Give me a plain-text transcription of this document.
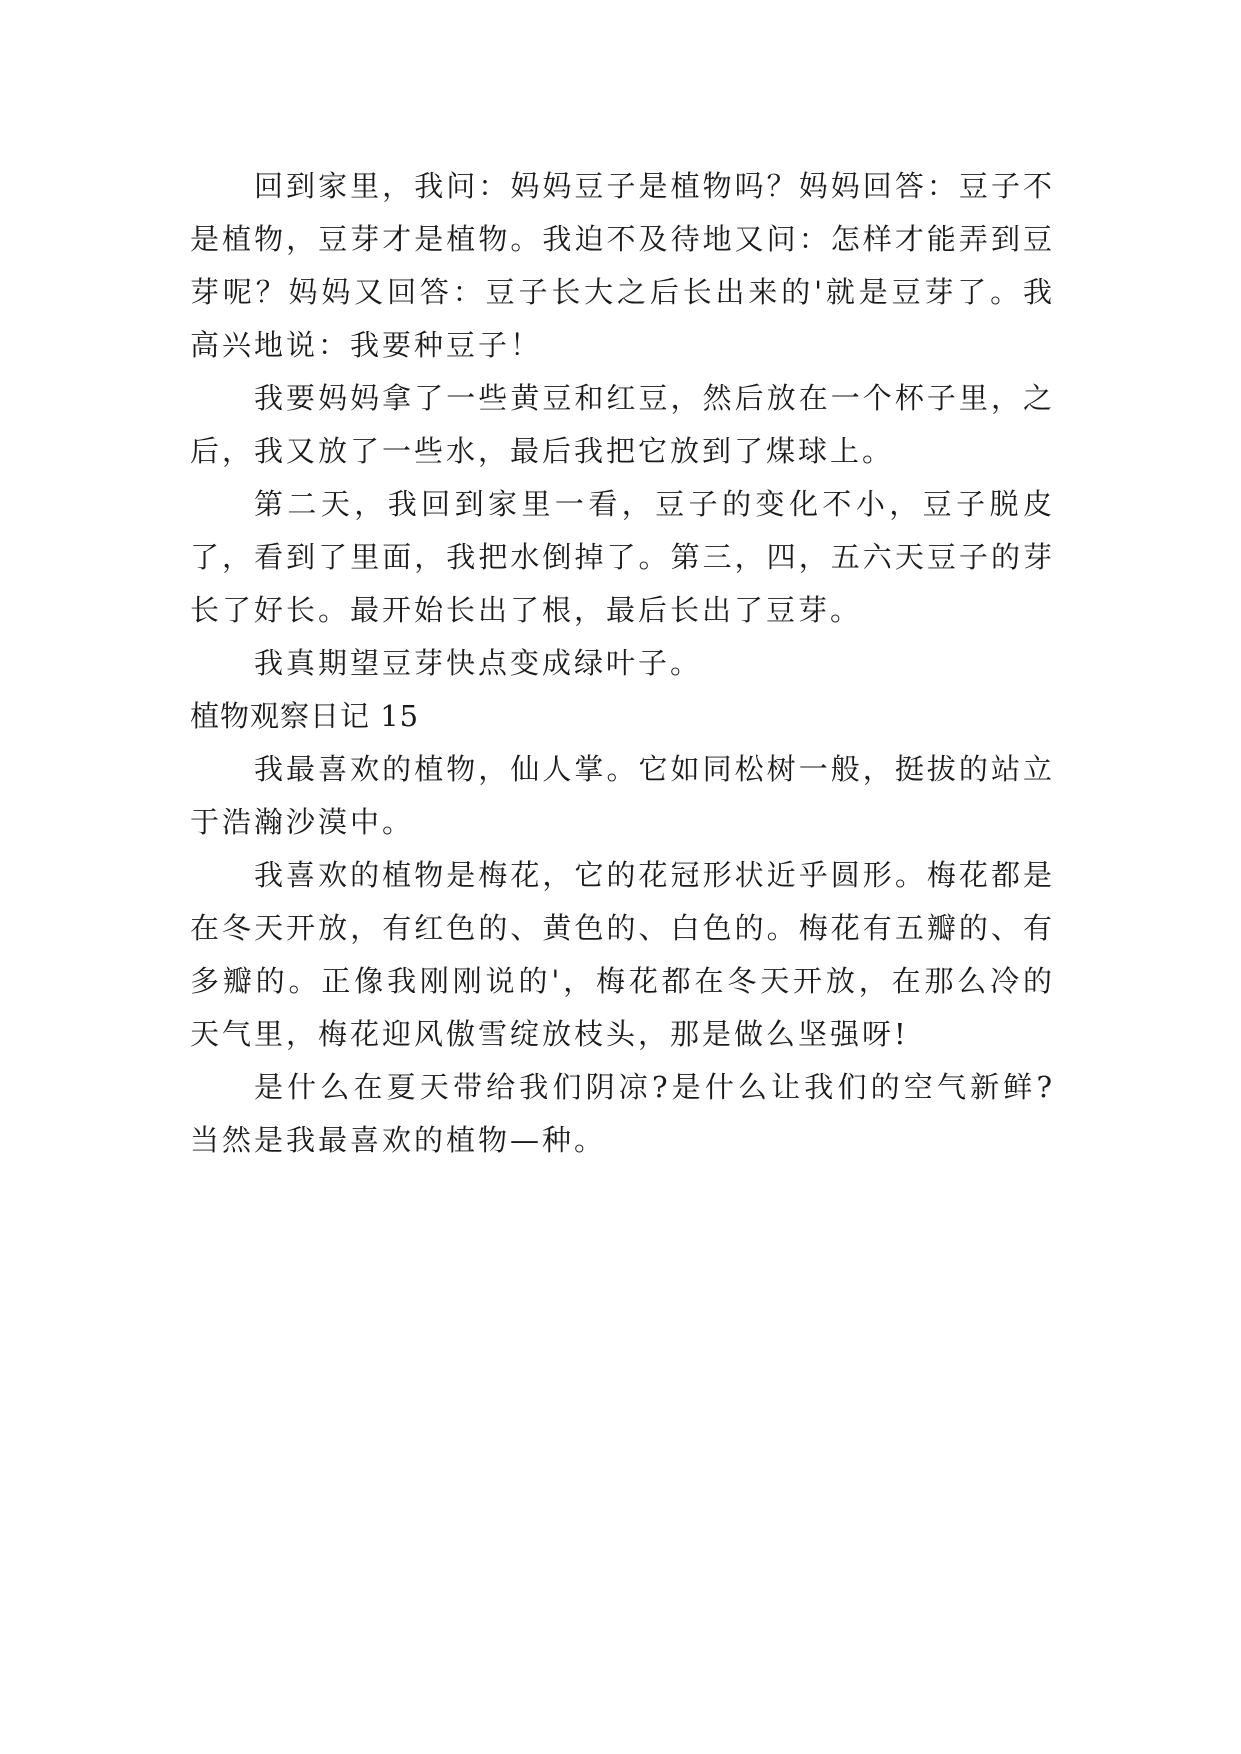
回到家里，我问：妈妈豆子是植物吗？妈妈回答：豆子不是植物，豆芽才是植物。我迫不及待地又问：怎样才能弄到豆芽呢？妈妈又回答：豆子长大之后长出来的'就是豆芽了。我高兴地说：我要种豆子！

我要妈妈拿了一些黄豆和红豆，然后放在一个杯子里，之后，我又放了一些水，最后我把它放到了煤球上。

第二天，我回到家里一看，豆子的变化不小，豆子脱皮了，看到了里面，我把水倒掉了。第三，四，五六天豆子的芽长了好长。最开始长出了根，最后长出了豆芽。

我真期望豆芽快点变成绿叶子。

植物观察日记 15

我最喜欢的植物，仙人掌。它如同松树一般，挺拔的站立于浩瀚沙漠中。

我喜欢的植物是梅花，它的花冠形状近乎圆形。梅花都是在冬天开放，有红色的、黄色的、白色的。梅花有五瓣的、有多瓣的。正像我刚刚说的'，梅花都在冬天开放，在那么冷的天气里，梅花迎风傲雪绽放枝头，那是做么坚强呀!

是什么在夏天带给我们阴凉?是什么让我们的空气新鲜?当然是我最喜欢的植物—种。
